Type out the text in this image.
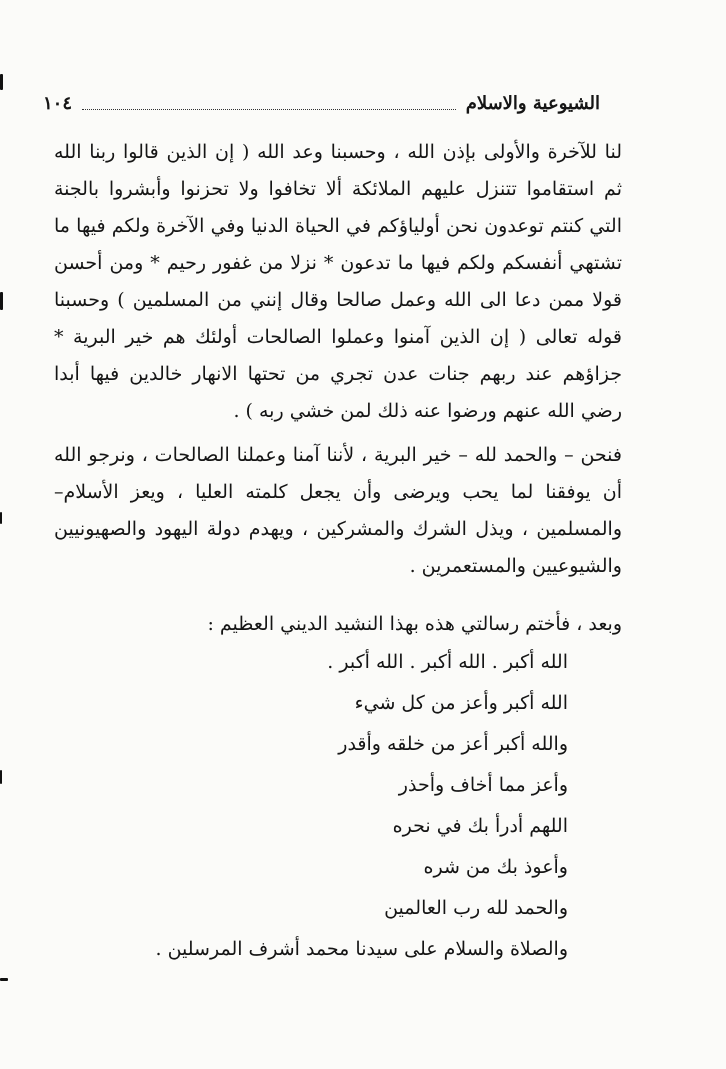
١٠٤	الشيوعية والاسلام
لنا للآخرة والأولى بإذن الله ، وحسبنا وعد الله ( إن الذين قالوا ربنا الله ثم استقاموا تتنزل عليهم الملائكة ألا تخافوا ولا تحزنوا وأبشروا بالجنة التي كنتم توعدون نحن أولياؤكم في الحياة الدنيا وفي الآخرة ولكم فيها ما تشتهي أنفسكم ولكم فيها ما تدعون * نزلا من غفور رحيم * ومن أحسن قولا ممن دعا الى الله وعمل صالحا وقال إنني من المسلمين ) وحسبنا قوله تعالى ( إن الذين آمنوا وعملوا الصالحات أولئك هم خير البرية * جزاؤهم عند ربهم جنات عدن تجري من تحتها الانهار خالدين فيها أبدا رضي الله عنهم ورضوا عنه ذلك لمن خشي ربه ) .
فنحن – والحمد لله – خير البرية ، لأننا آمنا وعملنا الصالحات ، ونرجو الله أن يوفقنا لما يحب ويرضى وأن يجعل كلمته العليا ، ويعز الأسلام– والمسلمين ، ويذل الشرك والمشركين ، ويهدم دولة اليهود والصهيونيين والشيوعيين والمستعمرين .
وبعد ، فأختم رسالتي هذه بهذا النشيد الديني العظيم :
الله أكبر . الله أكبر . الله أكبر .
الله أكبر وأعز من كل شيء
والله أكبر أعز من خلقه وأقدر
وأعز مما أخاف وأحذر
اللهم أدرأ بك في نحره
وأعوذ بك من شره
والحمد لله رب العالمين
والصلاة والسلام على سيدنا محمد أشرف المرسلين .
